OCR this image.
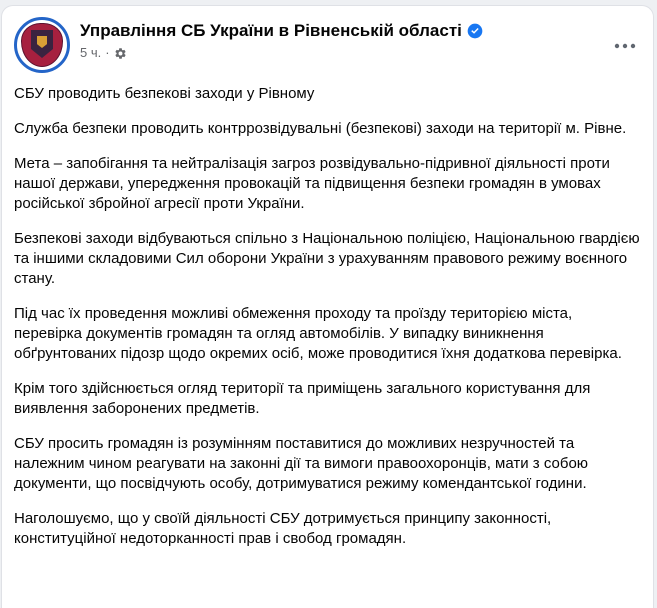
Управління СБ України в Рівненській області
5 ч. ·

СБУ проводить безпекові заходи у Рівному

Служба безпеки проводить контррозвідувальні (безпекові) заходи на території м. Рівне.

Мета – запобігання та нейтралізація загроз розвідувально-підривної діяльності проти нашої держави, упередження провокацій та підвищення безпеки громадян в умовах російської збройної агресії проти України.

Безпекові заходи відбуваються спільно з Національною поліцією, Національною гвардією та іншими складовими Сил оборони України з урахуванням правового режиму воєнного стану.

Під час їх проведення можливі обмеження проходу та проїзду територією міста, перевірка документів громадян та огляд автомобілів. У випадку виникнення обґрунтованих підозр щодо окремих осіб, може проводитися їхня додаткова перевірка.

Крім того здійснюється огляд території та приміщень загального користування для виявлення заборонених предметів.

СБУ просить громадян із розумінням поставитися до можливих незручностей та належним чином реагувати на законні дії та вимоги правоохоронців, мати з собою документи, що посвідчують особу, дотримуватися режиму комендантської години.

Наголошуємо, що у своїй діяльності СБУ дотримується принципу законності, конституційної недоторканності прав і свобод громадян.
